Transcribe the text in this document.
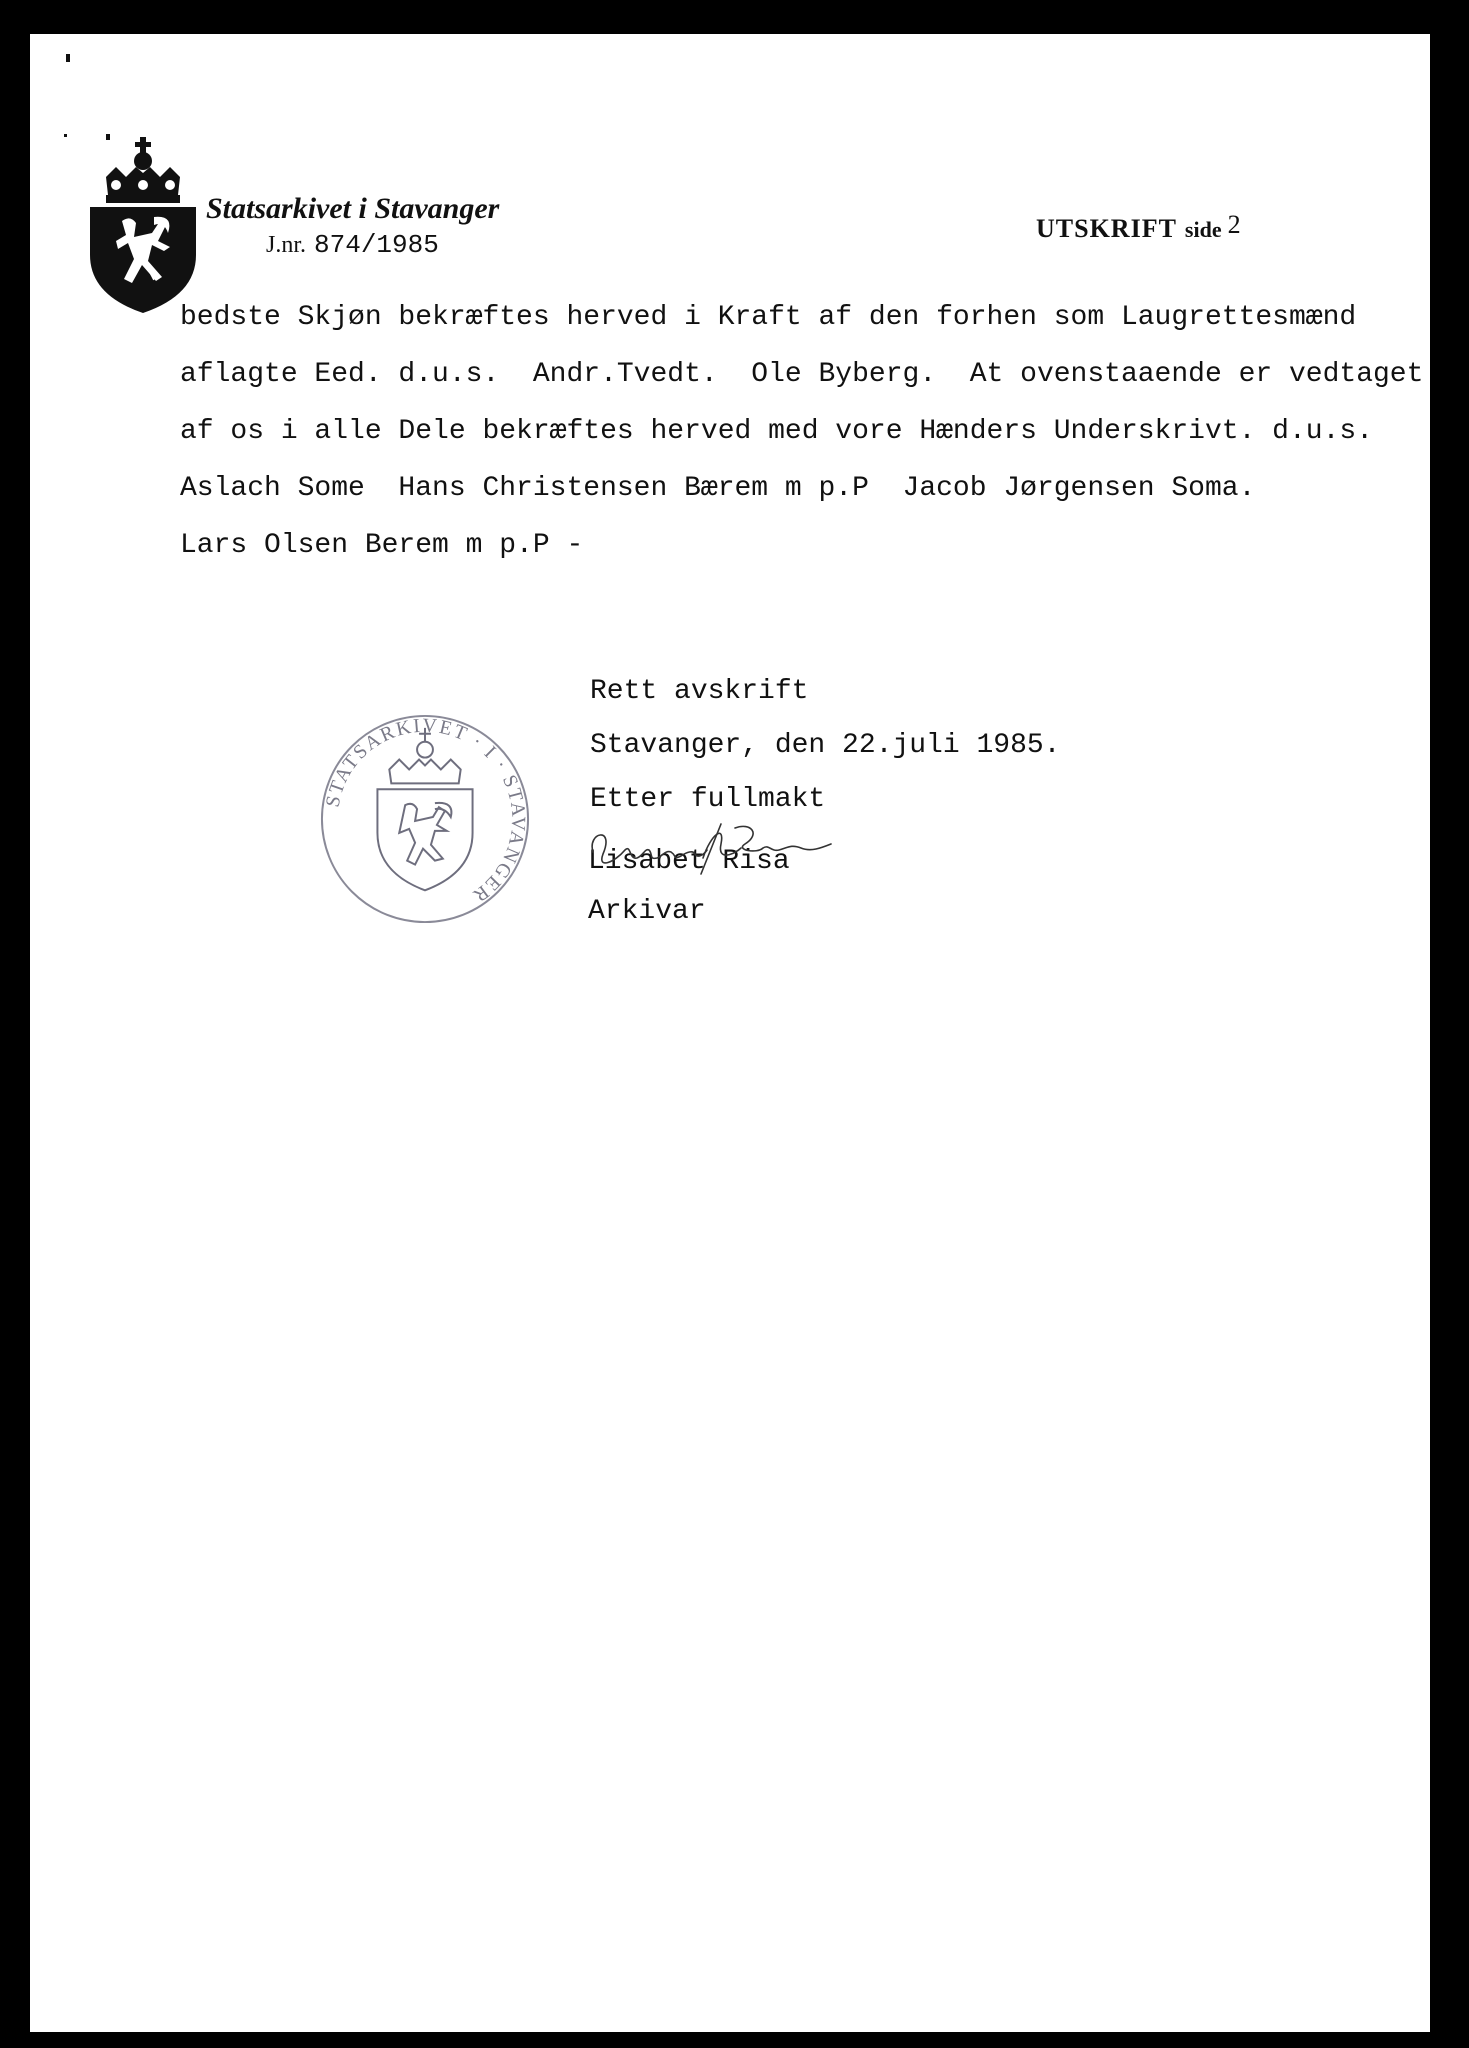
Statsarkivet i Stavanger
J.nr. 874/1985
UTSKRIFT side 2
bedste Skjøn bekræftes herved i Kraft af den forhen som Laugrettesmænd
aflagte Eed. d.u.s.  Andr.Tvedt.  Ole Byberg.  At ovenstaaende er vedtaget
af os i alle Dele bekræftes herved med vore Hænders Underskrivt. d.u.s.
Aslach Some  Hans Christensen Bærem m p.P  Jacob Jørgensen Soma.
Lars Olsen Berem m p.P -
Rett avskrift
Stavanger, den 22.juli 1985.
Etter fullmakt
Lisabet Risa
Arkivar
STATSARKIVET · I · STAVANGER
